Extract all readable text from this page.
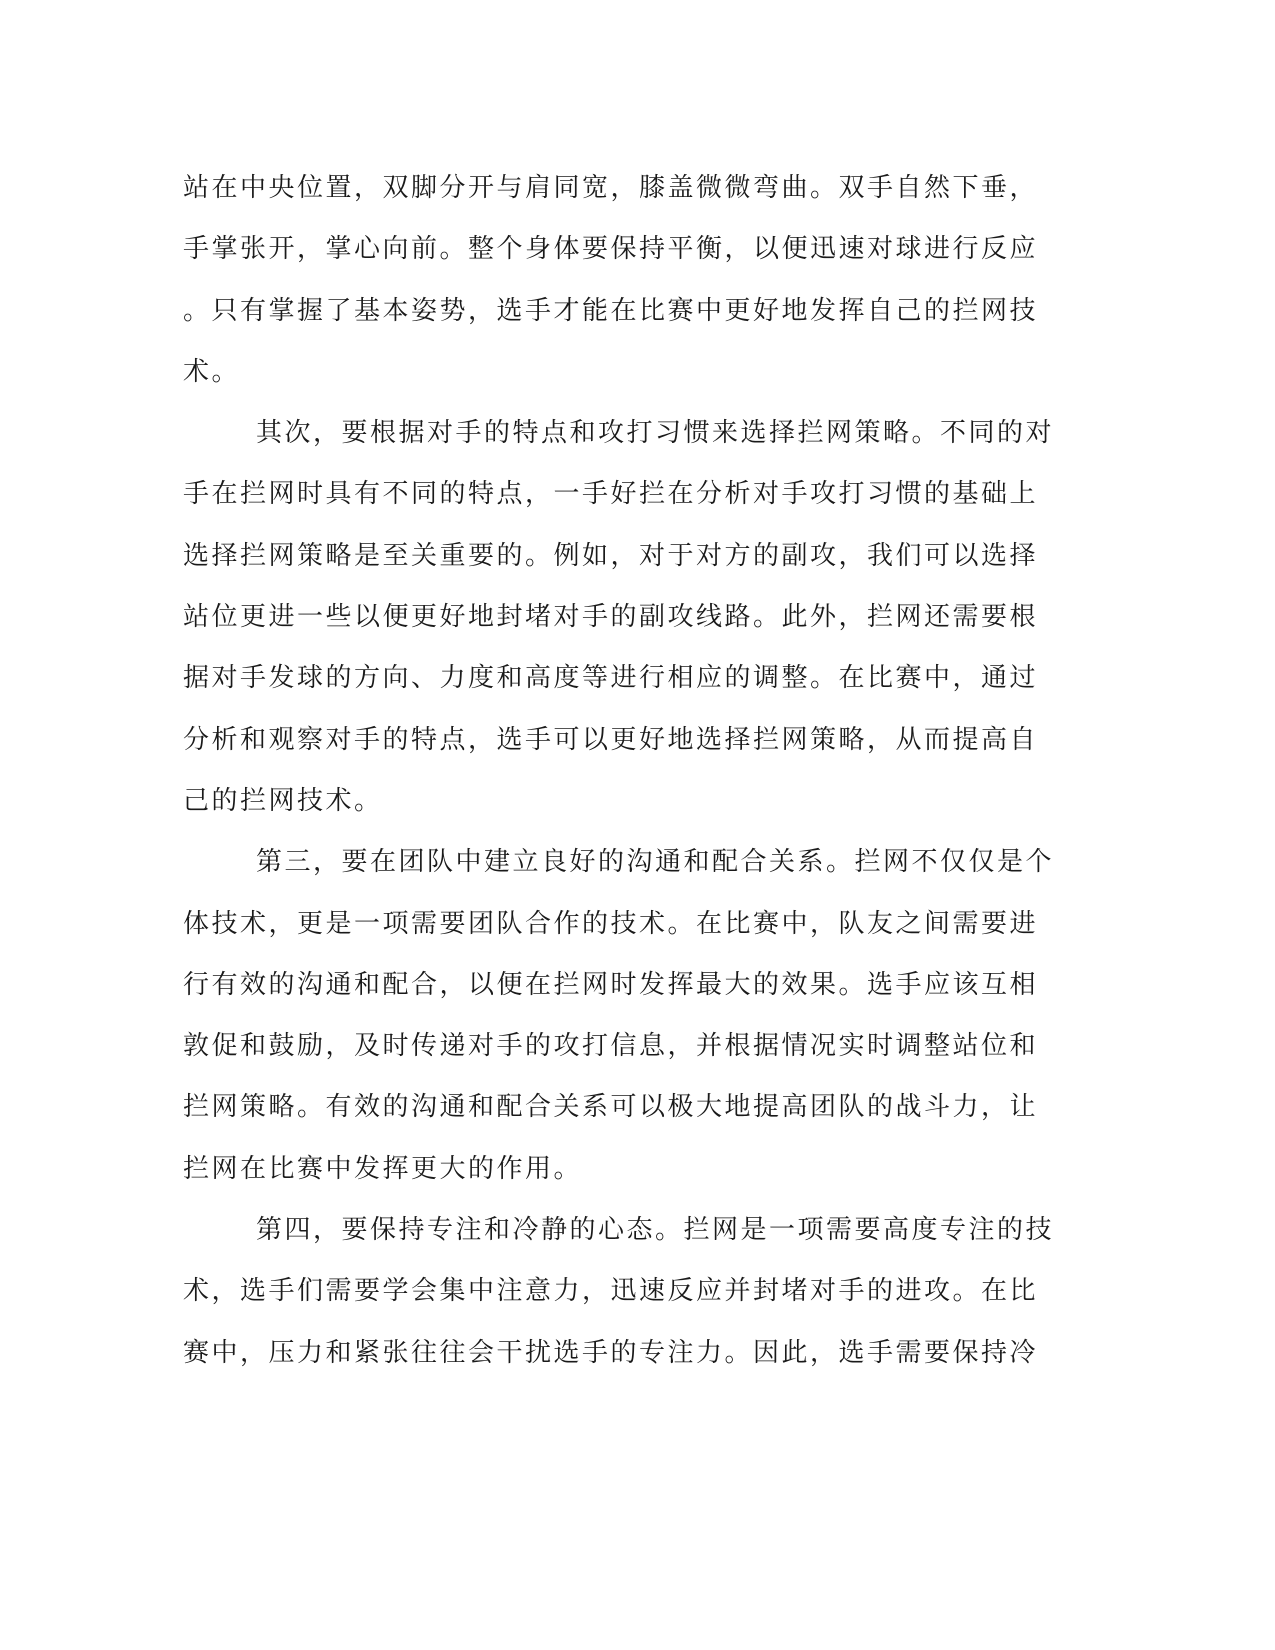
站在中央位置，双脚分开与肩同宽，膝盖微微弯曲。双手自然下垂，
手掌张开，掌心向前。整个身体要保持平衡，以便迅速对球进行反应
。只有掌握了基本姿势，选手才能在比赛中更好地发挥自己的拦网技
术。
其次，要根据对手的特点和攻打习惯来选择拦网策略。不同的对
手在拦网时具有不同的特点，一手好拦在分析对手攻打习惯的基础上
选择拦网策略是至关重要的。例如，对于对方的副攻，我们可以选择
站位更进一些以便更好地封堵对手的副攻线路。此外，拦网还需要根
据对手发球的方向、力度和高度等进行相应的调整。在比赛中，通过
分析和观察对手的特点，选手可以更好地选择拦网策略，从而提高自
己的拦网技术。
第三，要在团队中建立良好的沟通和配合关系。拦网不仅仅是个
体技术，更是一项需要团队合作的技术。在比赛中，队友之间需要进
行有效的沟通和配合，以便在拦网时发挥最大的效果。选手应该互相
敦促和鼓励，及时传递对手的攻打信息，并根据情况实时调整站位和
拦网策略。有效的沟通和配合关系可以极大地提高团队的战斗力，让
拦网在比赛中发挥更大的作用。
第四，要保持专注和冷静的心态。拦网是一项需要高度专注的技
术，选手们需要学会集中注意力，迅速反应并封堵对手的进攻。在比
赛中，压力和紧张往往会干扰选手的专注力。因此，选手需要保持冷
